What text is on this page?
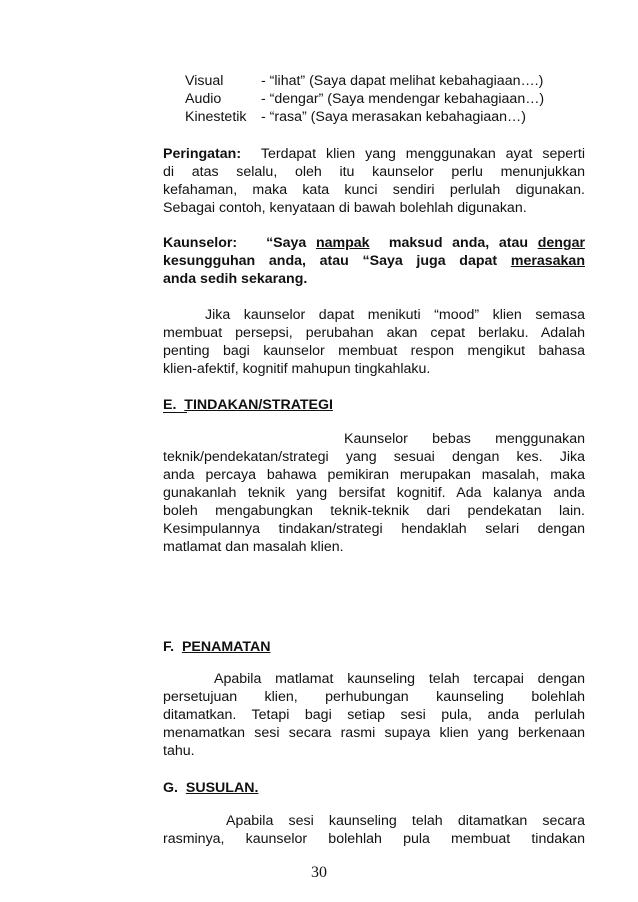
Visual	- “lihat” (Saya dapat melihat kebahagiaan….)
Audio	- “dengar” (Saya mendengar kebahagiaan…)
Kinestetik - “rasa” (Saya merasakan kebahagiaan…)
Peringatan: Terdapat klien yang menggunakan ayat seperti
di atas selalu, oleh itu kaunselor perlu menunjukkan
kefahaman, maka kata kunci sendiri perlulah digunakan.
Sebagai contoh, kenyataan di bawah bolehlah digunakan.
Kaunselor: “Saya nampak maksud anda, atau dengar
kesungguhan anda, atau “Saya juga dapat merasakan
anda sedih sekarang.
Jika kaunselor dapat menikuti “mood” klien semasa
membuat persepsi, perubahan akan cepat berlaku. Adalah
penting bagi kaunselor membuat respon mengikut bahasa
klien-afektif, kognitif mahupun tingkahlaku.
E. TINDAKAN/STRATEGI
Kaunselor bebas menggunakan
teknik/pendekatan/strategi yang sesuai dengan kes. Jika
anda percaya bahawa pemikiran merupakan masalah, maka
gunakanlah teknik yang bersifat kognitif. Ada kalanya anda
boleh mengabungkan teknik-teknik dari pendekatan lain.
Kesimpulannya tindakan/strategi hendaklah selari dengan
matlamat dan masalah klien.
F. PENAMATAN
Apabila matlamat kaunseling telah tercapai dengan
persetujuan klien, perhubungan kaunseling bolehlah
ditamatkan. Tetapi bagi setiap sesi pula, anda perlulah
menamatkan sesi secara rasmi supaya klien yang berkenaan
tahu.
G. SUSULAN.
Apabila sesi kaunseling telah ditamatkan secara
rasminya, kaunselor bolehlah pula membuat tindakan
30
